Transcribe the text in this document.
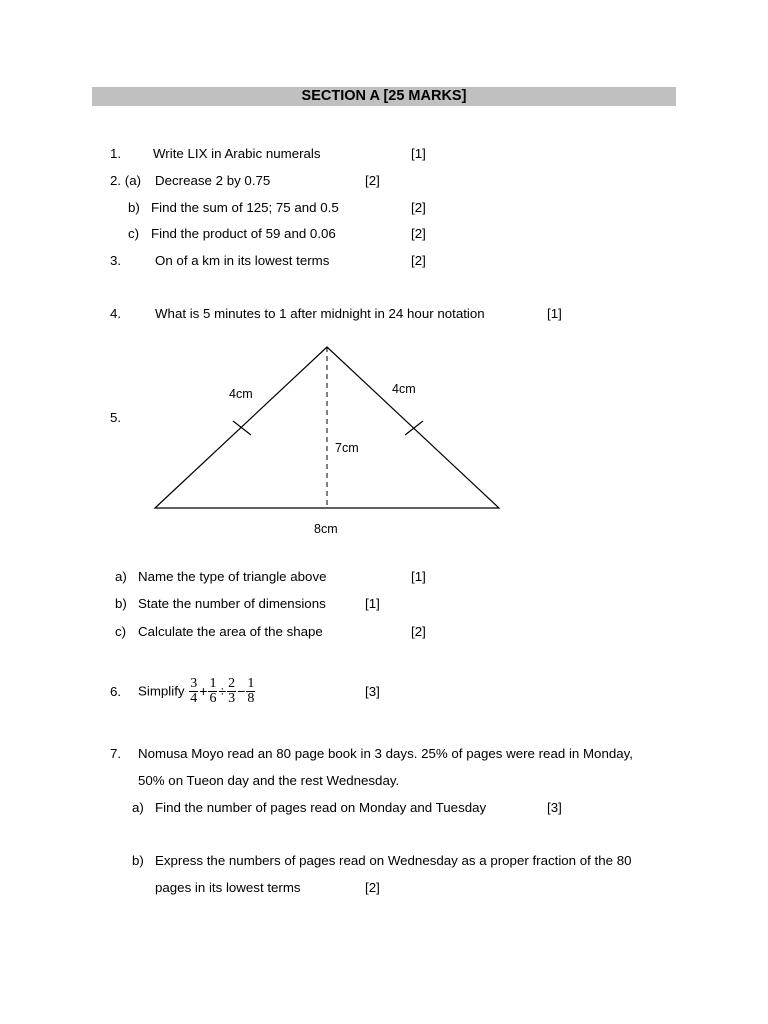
SECTION A [25 MARKS]
1. Write LIX in Arabic numerals	[1]
2. (a) Decrease 2 by 0.75	[2]
b) Find the sum of 125; 75 and 0.5	[2]
c) Find the product of 59 and 0.06	[2]
3.	On of a km in its lowest terms	[2]
4.	What is 5 minutes to 1 after midnight in 24 hour notation	[1]
5.
4cm	4cm
7cm
8cm
a) Name the type of triangle above	[1]
b) State the number of dimensions	[1]
c) Calculate the area of the shape	[2]
6. Simplify $\frac{3}{4} + \frac{1}{6} \div \frac{2}{3} - \frac{1}{8}$	[3]
7. Nomusa Moyo read an 80 page book in 3 days. 25% of pages were read in Monday,
50% on Tueon day and the rest Wednesday.
a) Find the number of pages read on Monday and Tuesday	[3]
b) Express the numbers of pages read on Wednesday as a proper fraction of the 80
pages in its lowest terms	[2]
